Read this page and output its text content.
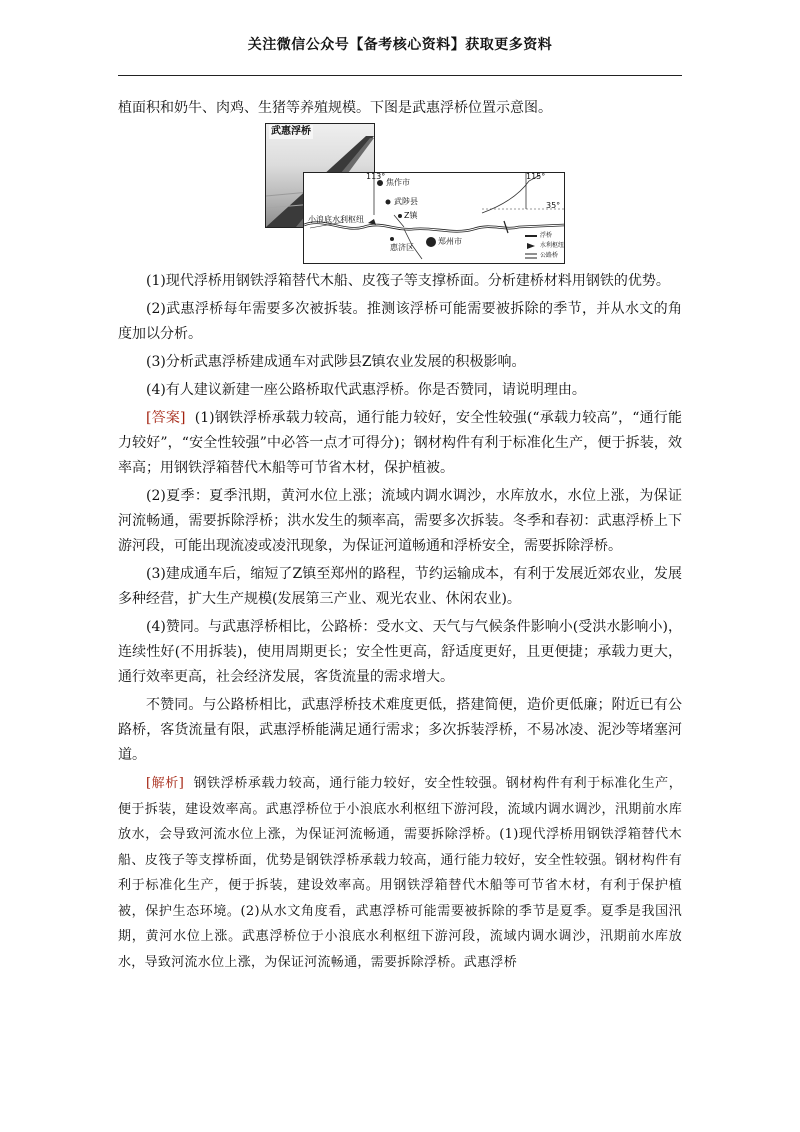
关注微信公众号【备考核心资料】获取更多资料

植面积和奶牛、肉鸡、生猪等养殖规模。下图是武惠浮桥位置示意图。

武惠浮桥
113°	115°
35°
焦作市
武陟县
Z镇
小浪底水利枢纽
惠济区
郑州市
浮桥
水利枢纽
公路桥

(1)现代浮桥用钢铁浮箱替代木船、皮筏子等支撑桥面。分析建桥材料用钢铁的优势。

(2)武惠浮桥每年需要多次被拆装。推测该浮桥可能需要被拆除的季节，并从水文的角度加以分析。

(3)分析武惠浮桥建成通车对武陟县Z镇农业发展的积极影响。

(4)有人建议新建一座公路桥取代武惠浮桥。你是否赞同，请说明理由。

[答案] (1)钢铁浮桥承载力较高，通行能力较好，安全性较强(“承载力较高”，“通行能力较好”，“安全性较强”中必答一点才可得分)；钢材构件有利于标准化生产，便于拆装，效率高；用钢铁浮箱替代木船等可节省木材，保护植被。

(2)夏季：夏季汛期，黄河水位上涨；流域内调水调沙，水库放水，水位上涨，为保证河流畅通，需要拆除浮桥；洪水发生的频率高，需要多次拆装。冬季和春初：武惠浮桥上下游河段，可能出现流凌或凌汛现象，为保证河道畅通和浮桥安全，需要拆除浮桥。

(3)建成通车后，缩短了Z镇至郑州的路程，节约运输成本，有利于发展近郊农业，发展多种经营，扩大生产规模(发展第三产业、观光农业、休闲农业)。

(4)赞同。与武惠浮桥相比，公路桥：受水文、天气与气候条件影响小(受洪水影响小)，连续性好(不用拆装)，使用周期更长；安全性更高，舒适度更好，且更便捷；承载力更大，通行效率更高，社会经济发展，客货流量的需求增大。

不赞同。与公路桥相比，武惠浮桥技术难度更低，搭建简便，造价更低廉；附近已有公路桥，客货流量有限，武惠浮桥能满足通行需求；多次拆装浮桥，不易冰凌、泥沙等堵塞河道。

[解析] 钢铁浮桥承载力较高，通行能力较好，安全性较强。钢材构件有利于标准化生产，便于拆装，建设效率高。武惠浮桥位于小浪底水利枢纽下游河段，流域内调水调沙，汛期前水库放水，会导致河流水位上涨，为保证河流畅通，需要拆除浮桥。(1)现代浮桥用钢铁浮箱替代木船、皮筏子等支撑桥面，优势是钢铁浮桥承载力较高，通行能力较好，安全性较强。钢材构件有利于标准化生产，便于拆装，建设效率高。用钢铁浮箱替代木船等可节省木材，有利于保护植被，保护生态环境。(2)从水文角度看，武惠浮桥可能需要被拆除的季节是夏季。夏季是我国汛期，黄河水位上涨。武惠浮桥位于小浪底水利枢纽下游河段，流域内调水调沙，汛期前水库放水，导致河流水位上涨，为保证河流畅通，需要拆除浮桥。武惠浮桥
